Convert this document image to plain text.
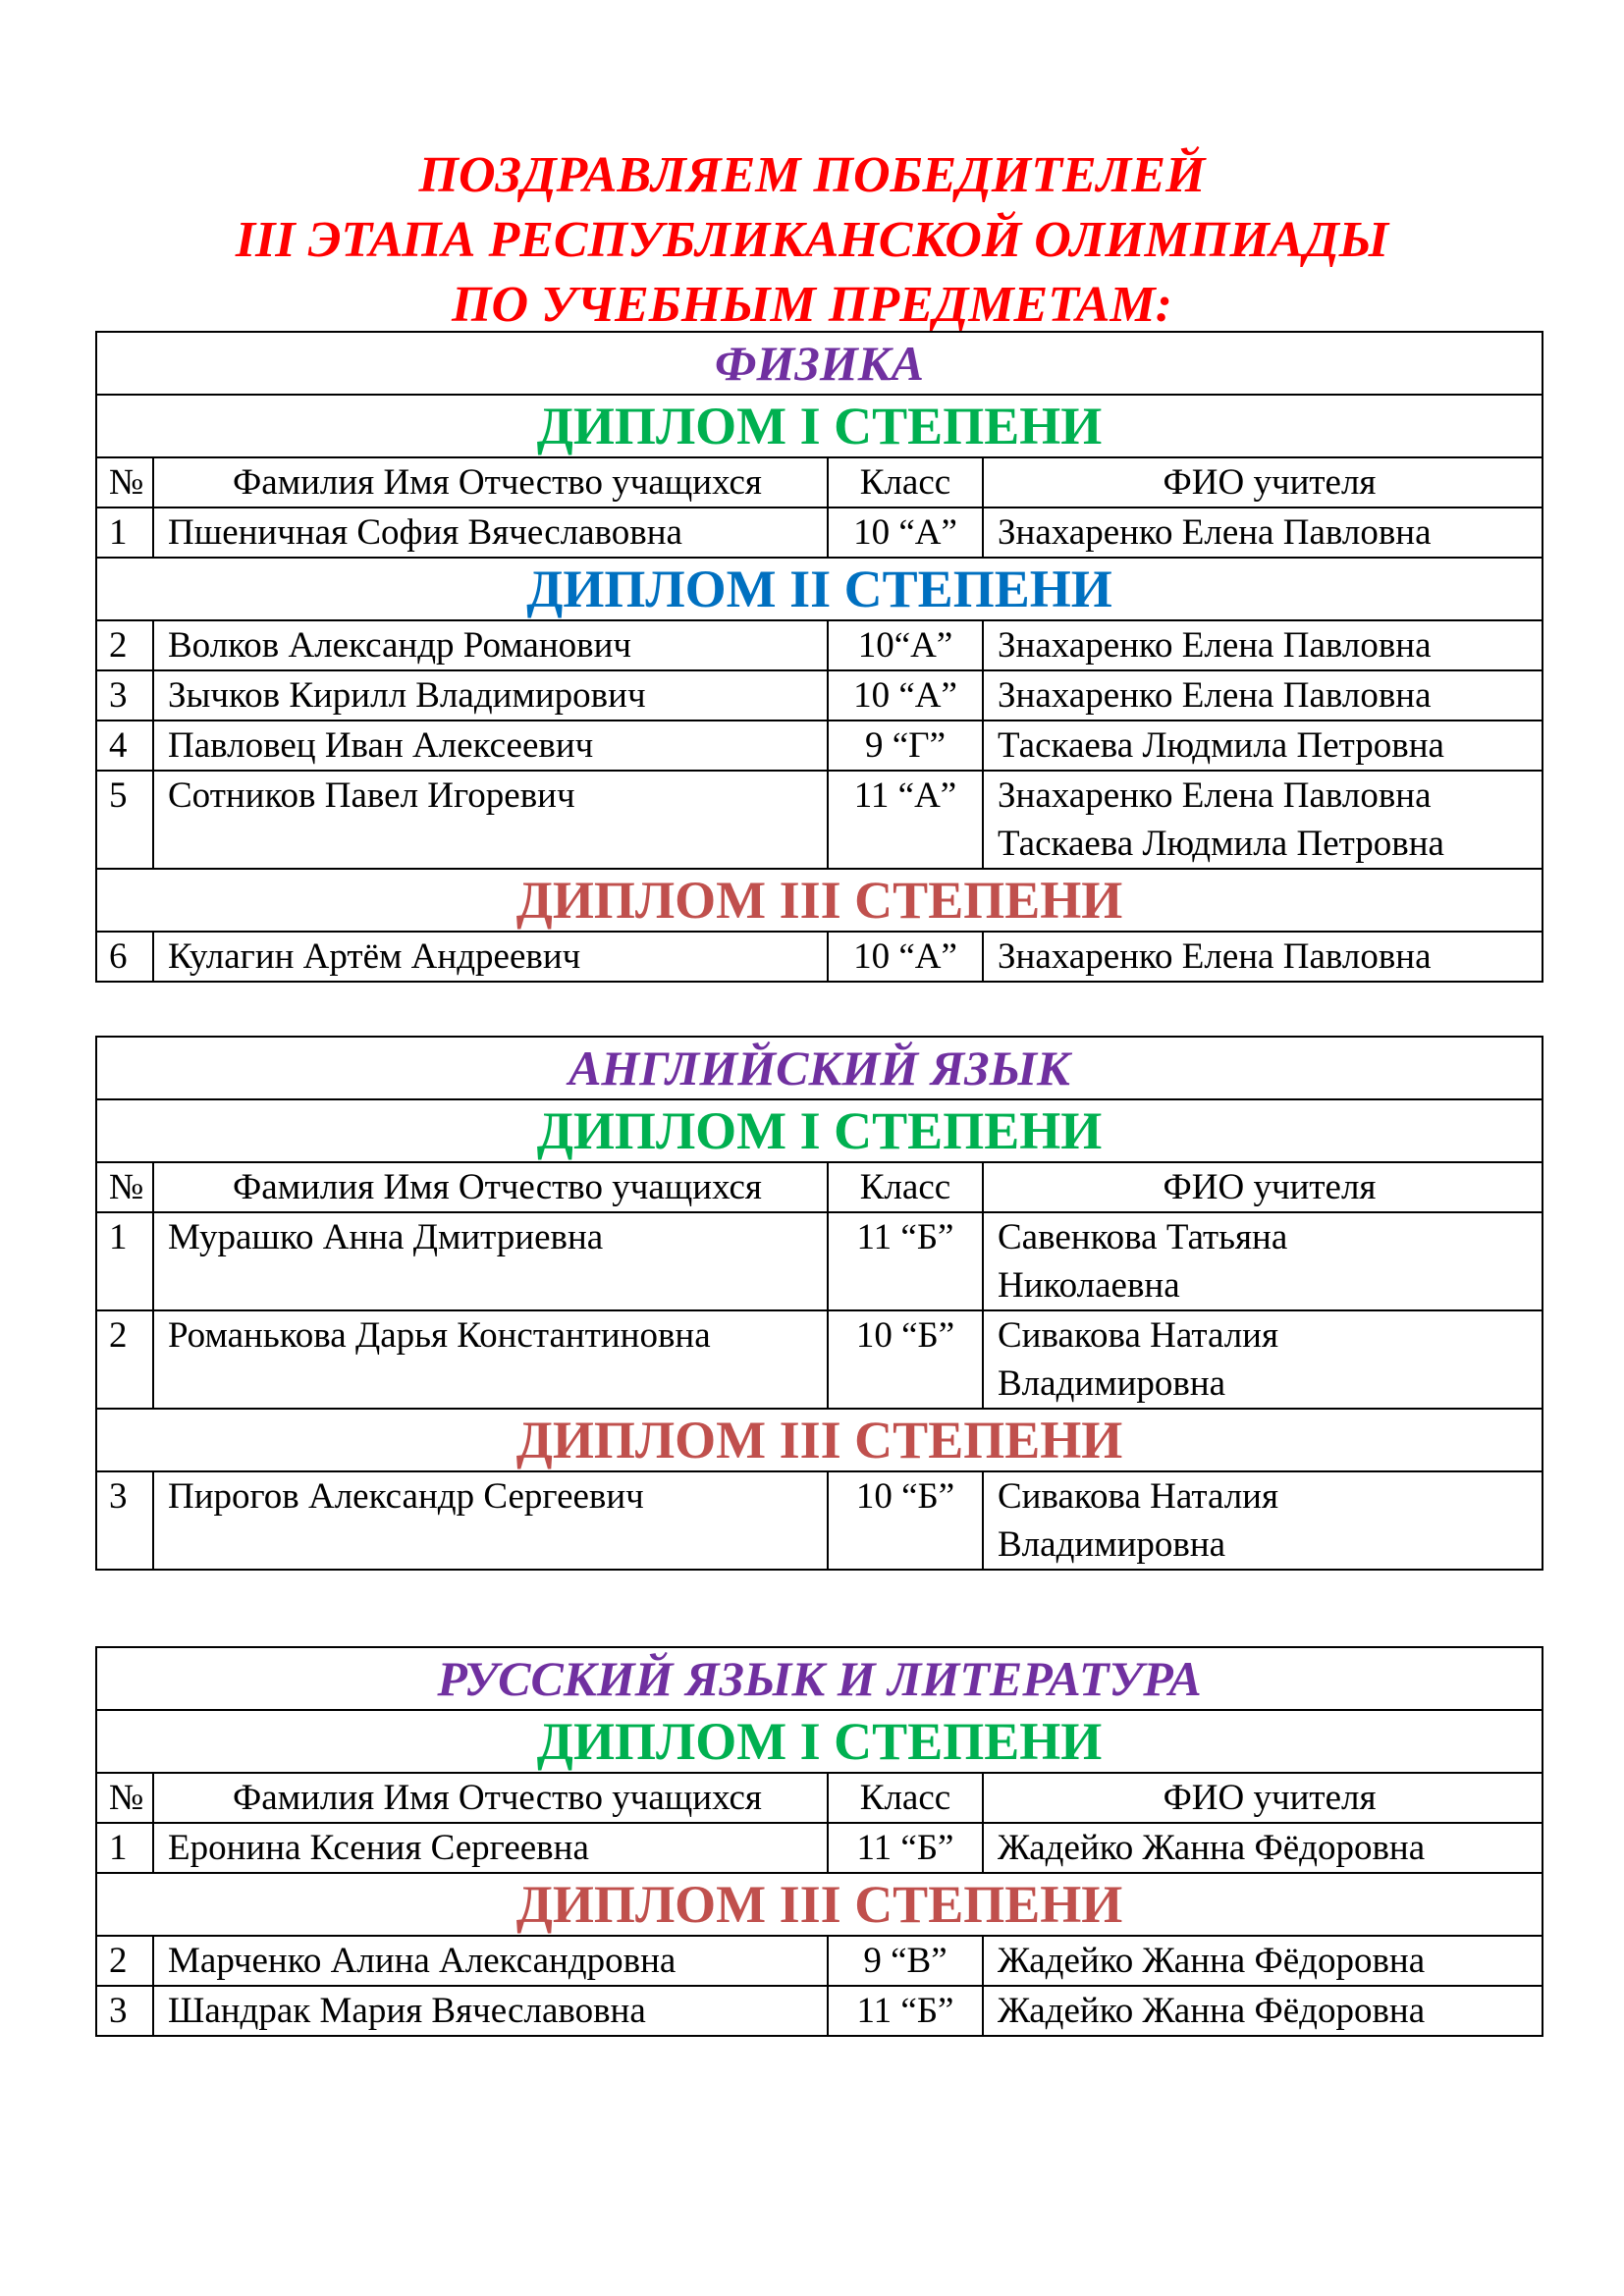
ПОЗДРАВЛЯЕМ ПОБЕДИТЕЛЕЙ
III ЭТАПА РЕСПУБЛИКАНСКОЙ ОЛИМПИАДЫ
ПО УЧЕБНЫМ ПРЕДМЕТАМ:
ФИЗИКА			
ДИПЛОМ I СТЕПЕНИ			
№	Фамилия Имя Отчество учащихся	Класс	ФИО учителя
1	Пшеничная София Вячеславовна	10 “А”	Знахаренко Елена Павловна
ДИПЛОМ II СТЕПЕНИ			
2	Волков Александр Романович	10“А”	Знахаренко Елена Павловна
3	Зычков Кирилл Владимирович	10 “А”	Знахаренко Елена Павловна
4	Павловец Иван Алексеевич	9 “Г”	Таскаева Людмила Петровна
5	Сотников Павел Игоревич	11 “А”	Знахаренко Елена Павловна
Таскаева Людмила Петровна

ДИПЛОМ III СТЕПЕНИ			
6	Кулагин Артём Андреевич	10 “А”	Знахаренко Елена Павловна
АНГЛИЙСКИЙ ЯЗЫК			
ДИПЛОМ I СТЕПЕНИ			
№	Фамилия Имя Отчество учащихся	Класс	ФИО учителя
1	Мурашко Анна Дмитриевна	11 “Б”	Савенкова Татьяна
Николаевна

2	Романькова Дарья Константиновна	10 “Б”	Сивакова Наталия
Владимировна

ДИПЛОМ III СТЕПЕНИ			
3	Пирогов Александр Сергеевич	10 “Б”	Сивакова Наталия
Владимировна
РУССКИЙ ЯЗЫК И ЛИТЕРАТУРА			
ДИПЛОМ I СТЕПЕНИ			
№	Фамилия Имя Отчество учащихся	Класс	ФИО учителя
1	Еронина Ксения Сергеевна	11 “Б”	Жадейко Жанна Фёдоровна
ДИПЛОМ III СТЕПЕНИ			
2	Марченко Алина Александровна	9 “В”	Жадейко Жанна Фёдоровна
3	Шандрак Мария Вячеславовна	11 “Б”	Жадейко Жанна Фёдоровна
